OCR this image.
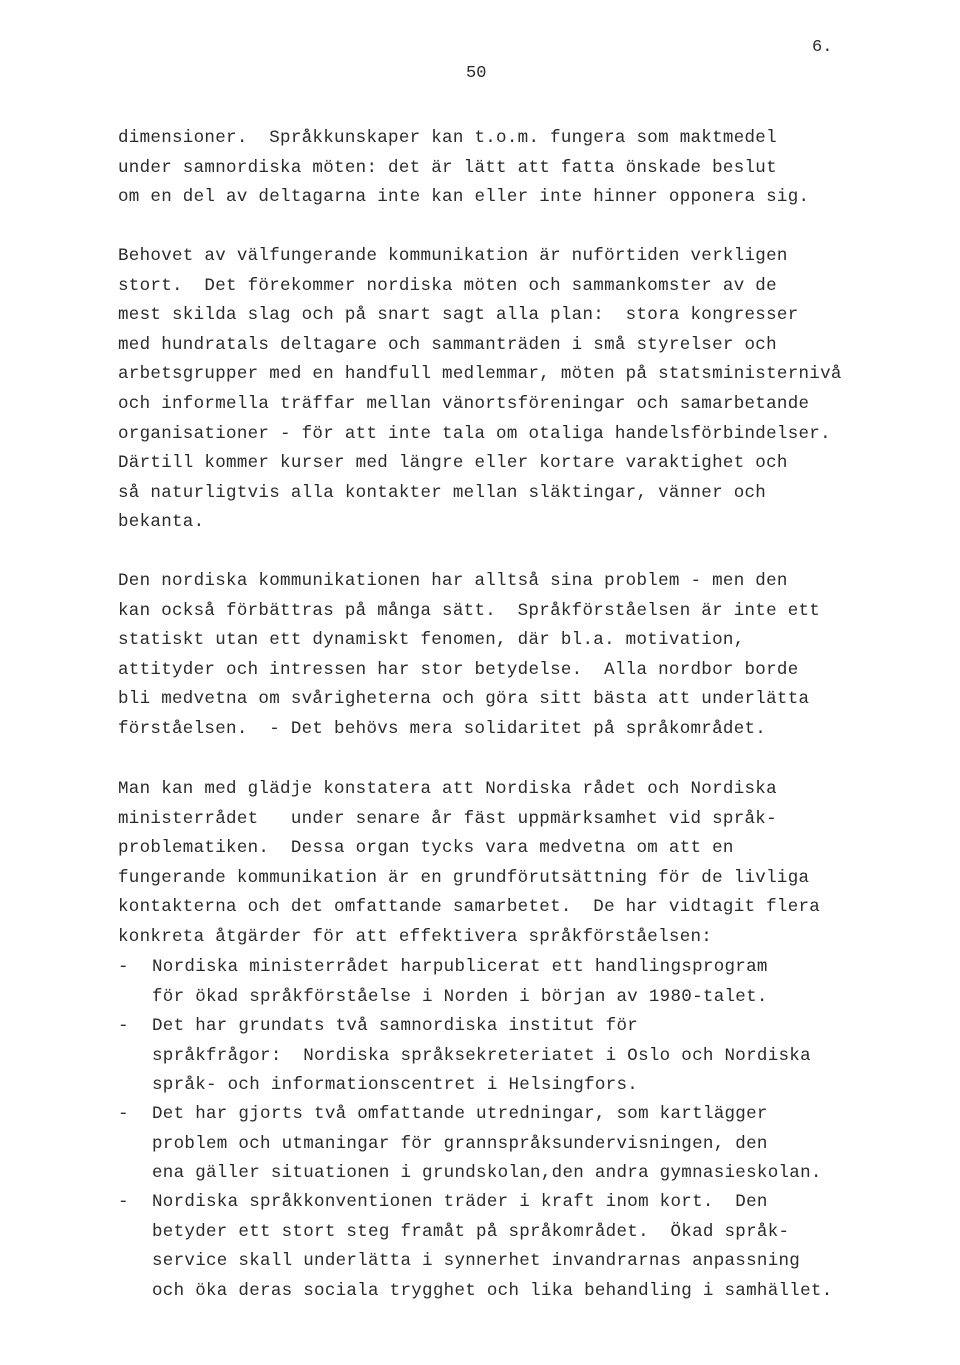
6.
50
dimensioner.  Språkkunskaper kan t.o.m. fungera som maktmedel
under samnordiska möten: det är lätt att fatta önskade beslut
om en del av deltagarna inte kan eller inte hinner opponera sig.
Behovet av välfungerande kommunikation är nuförtiden verkligen
stort.  Det förekommer nordiska möten och sammankomster av de
mest skilda slag och på snart sagt alla plan:  stora kongresser
med hundratals deltagare och sammanträden i små styrelser och
arbetsgrupper med en handfull medlemmar, möten på statsministernivå
och informella träffar mellan vänortsföreningar och samarbetande
organisationer - för att inte tala om otaliga handelsförbindelser.
Därtill kommer kurser med längre eller kortare varaktighet och
så naturligtvis alla kontakter mellan släktingar, vänner och
bekanta.
Den nordiska kommunikationen har alltså sina problem - men den
kan också förbättras på många sätt.  Språkförståelsen är inte ett
statiskt utan ett dynamiskt fenomen, där bl.a. motivation,
attityder och intressen har stor betydelse.  Alla nordbor borde
bli medvetna om svårigheterna och göra sitt bästa att underlätta
förståelsen.  - Det behövs mera solidaritet på språkområdet.
Man kan med glädje konstatera att Nordiska rådet och Nordiska
ministerrådet   under senare år fäst uppmärksamhet vid språk-
problematiken.  Dessa organ tycks vara medvetna om att en
fungerande kommunikation är en grundförutsättning för de livliga
kontakterna och det omfattande samarbetet.  De har vidtagit flera
konkreta åtgärder för att effektivera språkförståelsen:
- Nordiska ministerrådet harpublicerat ett handlingsprogram
för ökad språkförståelse i Norden i början av 1980-talet.
- Det har grundats två samnordiska institut för
språkfrågor:  Nordiska språksekreteriatet i Oslo och Nordiska
språk- och informationscentret i Helsingfors.
- Det har gjorts två omfattande utredningar, som kartlägger
problem och utmaningar för grannspråksundervisningen, den
ena gäller situationen i grundskolan,den andra gymnasieskolan.
- Nordiska språkkonventionen träder i kraft inom kort.  Den
betyder ett stort steg framåt på språkområdet.  Ökad språk-
service skall underlätta i synnerhet invandrarnas anpassning
och öka deras sociala trygghet och lika behandling i samhället.
